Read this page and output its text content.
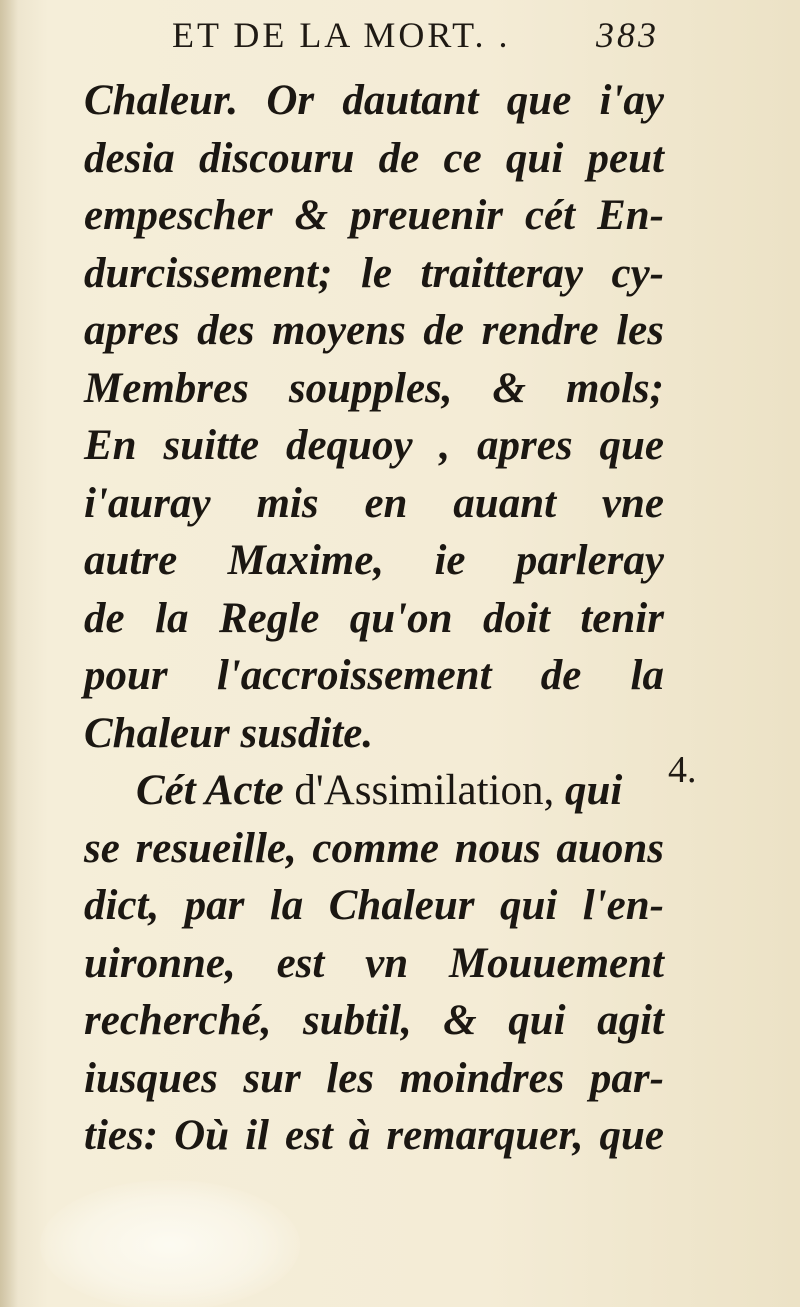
ET DE LA MORT. . 383
Chaleur. Or dautant que i'ay
desia discouru de ce qui peut
empescher & preuenir cét En-
durcissement; le traitteray cy-
apres des moyens de rendre les
Membres soupples, & mols;
En suitte dequoy , apres que
i'auray mis en auant vne
autre Maxime, ie parleray
de la Regle qu'on doit tenir
pour l'accroissement de la
Chaleur susdite.
Cét Acte d'Assimilation, qui
se resueille, comme nous auons
dict, par la Chaleur qui l'en-
uironne, est vn Mouuement
recherché, subtil, & qui agit
iusques sur les moindres par-
ties: Où il est à remarquer, que
4.
